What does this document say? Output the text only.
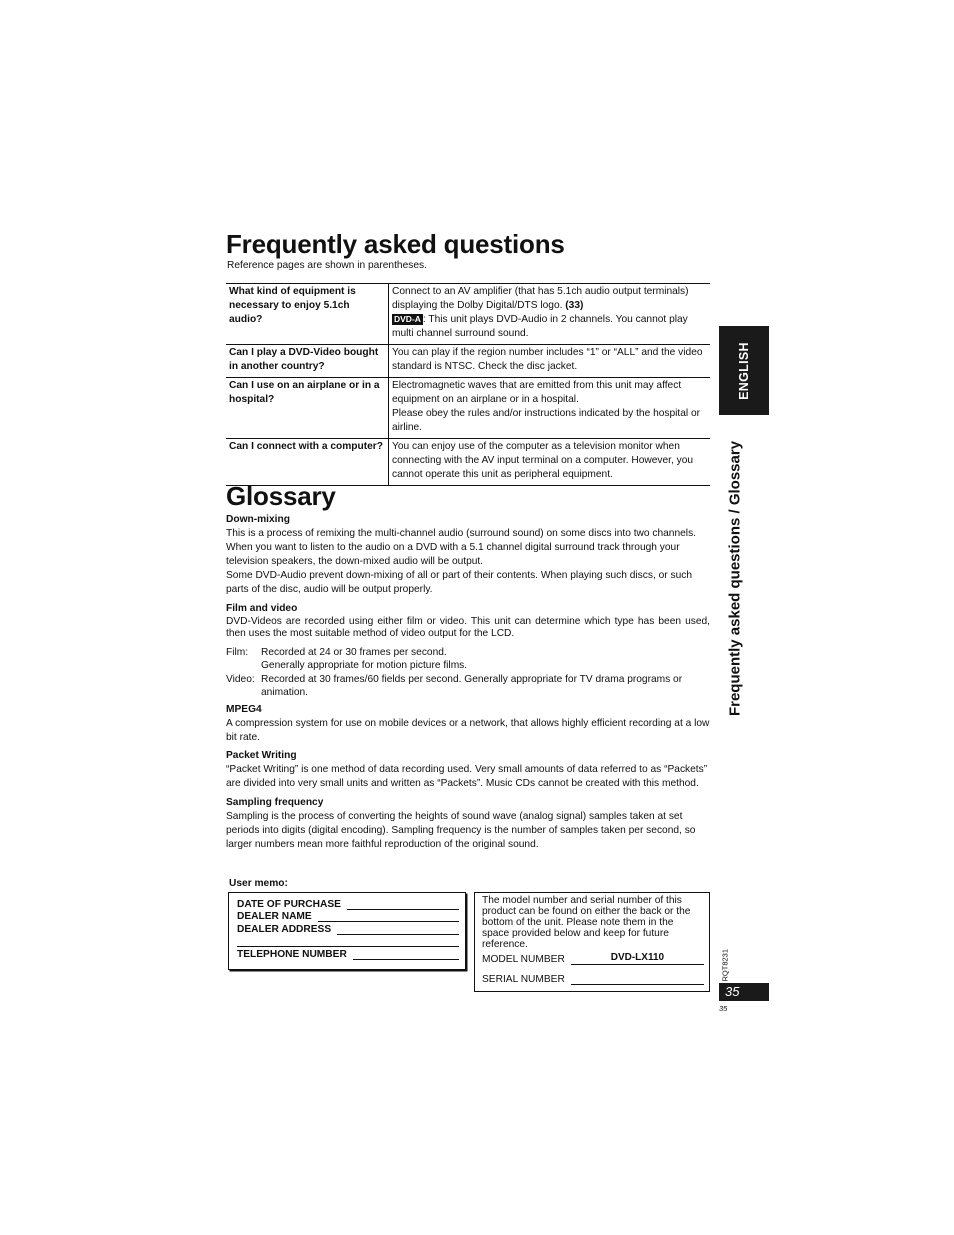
Frequently asked questions
Reference pages are shown in parentheses.
What kind of equipment is necessary to enjoy 5.1ch audio?
Connect to an AV amplifier (that has 5.1ch audio output terminals) displaying the Dolby Digital/DTS logo. (33)
DVD-A : This unit plays DVD-Audio in 2 channels. You cannot play multi channel surround sound.
Can I play a DVD-Video bought in another country?
You can play if the region number includes “1” or “ALL” and the video standard is NTSC. Check the disc jacket.
Can I use on an airplane or in a hospital?
Electromagnetic waves that are emitted from this unit may affect equipment on an airplane or in a hospital.
Please obey the rules and/or instructions indicated by the hospital or airline.
Can I connect with a computer? You can enjoy use of the computer as a television monitor when connecting with the AV input terminal on a computer. However, you cannot operate this unit as peripheral equipment.
Glossary
Down-mixing

This is a process of remixing the multi-channel audio (surround sound) on some discs into two channels. When you want to listen to the audio on a DVD with a 5.1 channel digital surround track through your television speakers, the down-mixed audio will be output.

Some DVD-Audio prevent down-mixing of all or part of their contents. When playing such discs, or such parts of the disc, audio will be output properly.

Film and video

DVD-Videos are recorded using either film or video. This unit can determine which type has been used, then uses the most suitable method of video output for the LCD.

Film:	Recorded at 24 or 30 frames per second.
Generally appropriate for motion picture films.
Video: Recorded at 30 frames/60 fields per second. Generally appropriate for TV drama programs or
animation.
MPEG4

A compression system for use on mobile devices or a network, that allows highly efficient recording at a low bit rate.

Packet Writing

“Packet Writing” is one method of data recording used. Very small amounts of data referred to as “Packets” are divided into very small units and written as “Packets”. Music CDs cannot be created with this method.

Sampling frequency

Sampling is the process of converting the heights of sound wave (analog signal) samples taken at set periods into digits (digital encoding). Sampling frequency is the number of samples taken per second, so larger numbers mean more faithful reproduction of the original sound.

User memo:
DATE OF PURCHASE
DEALER NAME
DEALER ADDRESS
TELEPHONE NUMBER
The model number and serial number of this product can be found on either the back or the bottom of the unit. Please note them in the space provided below and keep for future reference.
MODEL NUMBER	DVD-LX110
SERIAL NUMBER
ENGLISH
Frequently asked questions / Glossary
RQT8231
35
35
